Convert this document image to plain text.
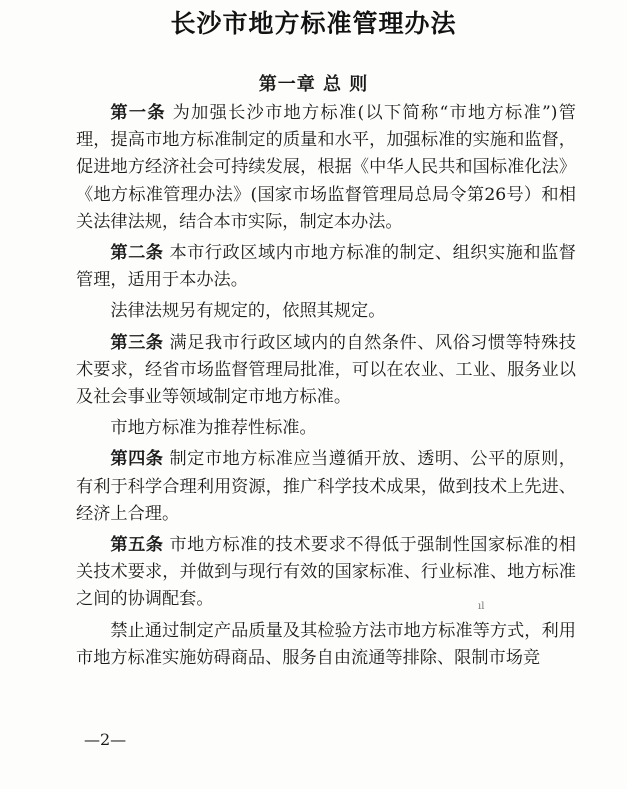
长沙市地方标准管理办法
第一章 总 则

第一条 为加强长沙市地方标准(以下简称“市地方标准”)管理，提高市地方标准制定的质量和水平，加强标准的实施和监督，促进地方经济社会可持续发展，根据《中华人民共和国标准化法》《地方标准管理办法》(国家市场监督管理局总局令第26号）和相关法律法规，结合本市实际，制定本办法。

第二条 本市行政区域内市地方标准的制定、组织实施和监督管理，适用于本办法。

法律法规另有规定的，依照其规定。

第三条 满足我市行政区域内的自然条件、风俗习惯等特殊技术要求，经省市场监督管理局批准，可以在农业、工业、服务业以及社会事业等领域制定市地方标准。

市地方标准为推荐性标准。

第四条 制定市地方标准应当遵循开放、透明、公平的原则，有利于科学合理利用资源，推广科学技术成果，做到技术上先进、经济上合理。

第五条 市地方标准的技术要求不得低于强制性国家标准的相关技术要求，并做到与现行有效的国家标准、行业标准、地方标准之间的协调配套。

禁止通过制定产品质量及其检验方法市地方标准等方式，利用市地方标准实施妨碍商品、服务自由流通等排除、限制市场竞

ıl
—2—
